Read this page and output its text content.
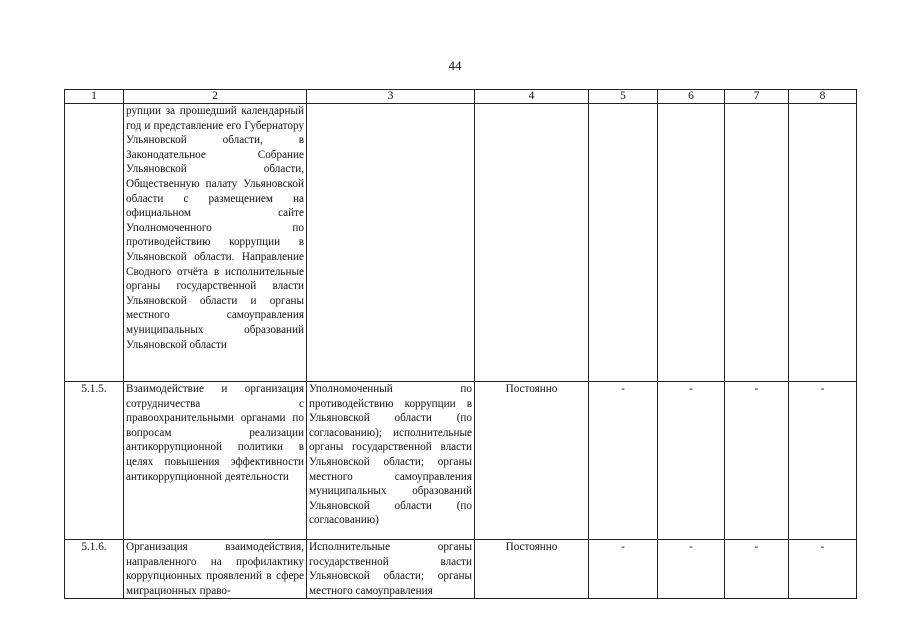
44
1	2	3	4	5	6	7	8
	рупции за прошедший календарный год и представление его Губернатору Ульяновской области, в Законодательное Собрание Ульяновской области, Общественную палату Ульяновской области с размещением на официальном сайте Уполномоченного по противодействию коррупции в Ульяновской области. Направление Сводного отчёта в исполнительные органы государственной власти Ульяновской области и органы местного самоуправления муниципальных образований Ульяновской области						
5.1.5.	Взаимодействие и организация сотрудничества с правоохранительными органами по вопросам реализации антикоррупционной политики в целях повышения эффективности антикоррупционной деятельности	Уполномоченный по противодействию коррупции в Ульяновской области (по согласованию); исполнительные органы государственной власти Ульяновской области; органы местного самоуправления муниципальных образований Ульяновской области (по согласованию)	Постоянно	-	-	-	-
5.1.6.	Организация взаимодействия, направленного на профилактику коррупционных проявлений в сфере миграционных право-	Исполнительные органы государственной власти Ульяновской области; органы местного самоуправления	Постоянно	-	-	-	-
